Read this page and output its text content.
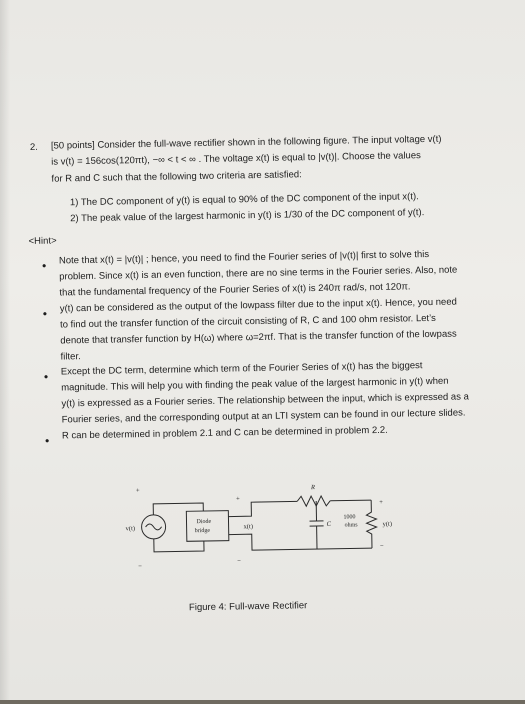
2. [50 points] Consider the full-wave rectifier shown in the following figure. The input voltage v(t)
is v(t) = 156cos(120πt), −∞ < t < ∞ . The voltage x(t) is equal to |v(t)|. Choose the values
for R and C such that the following two criteria are satisfied:
1) The DC component of y(t) is equal to 90% of the DC component of the input x(t).
2) The peak value of the largest harmonic in y(t) is 1/30 of the DC component of y(t).
<Hint>
• Note that x(t) = |v(t)| ; hence, you need to find the Fourier series of |v(t)| first to solve this
problem. Since x(t) is an even function, there are no sine terms in the Fourier series. Also, note
that the fundamental frequency of the Fourier Series of x(t) is 240π rad/s, not 120π.
• y(t) can be considered as the output of the lowpass filter due to the input x(t). Hence, you need
to find out the transfer function of the circuit consisting of R, C and 100 ohm resistor. Let’s
denote that transfer function by H(ω) where ω=2πf. That is the transfer function of the lowpass
filter.
• Except the DC term, determine which term of the Fourier Series of x(t) has the biggest
magnitude. This will help you with finding the peak value of the largest harmonic in y(t) when
y(t) is expressed as a Fourier series. The relationship between the input, which is expressed as a
Fourier series, and the corresponding output at an LTI system can be found in our lecture slides.
• R can be determined in problem 2.1 and C can be determined in problem 2.2.
+
−
v(t)
Diode
bridge
+
−
x(t)
R
C
1000
ohms
+
−
y(t)
Figure 4: Full-wave Rectifier
